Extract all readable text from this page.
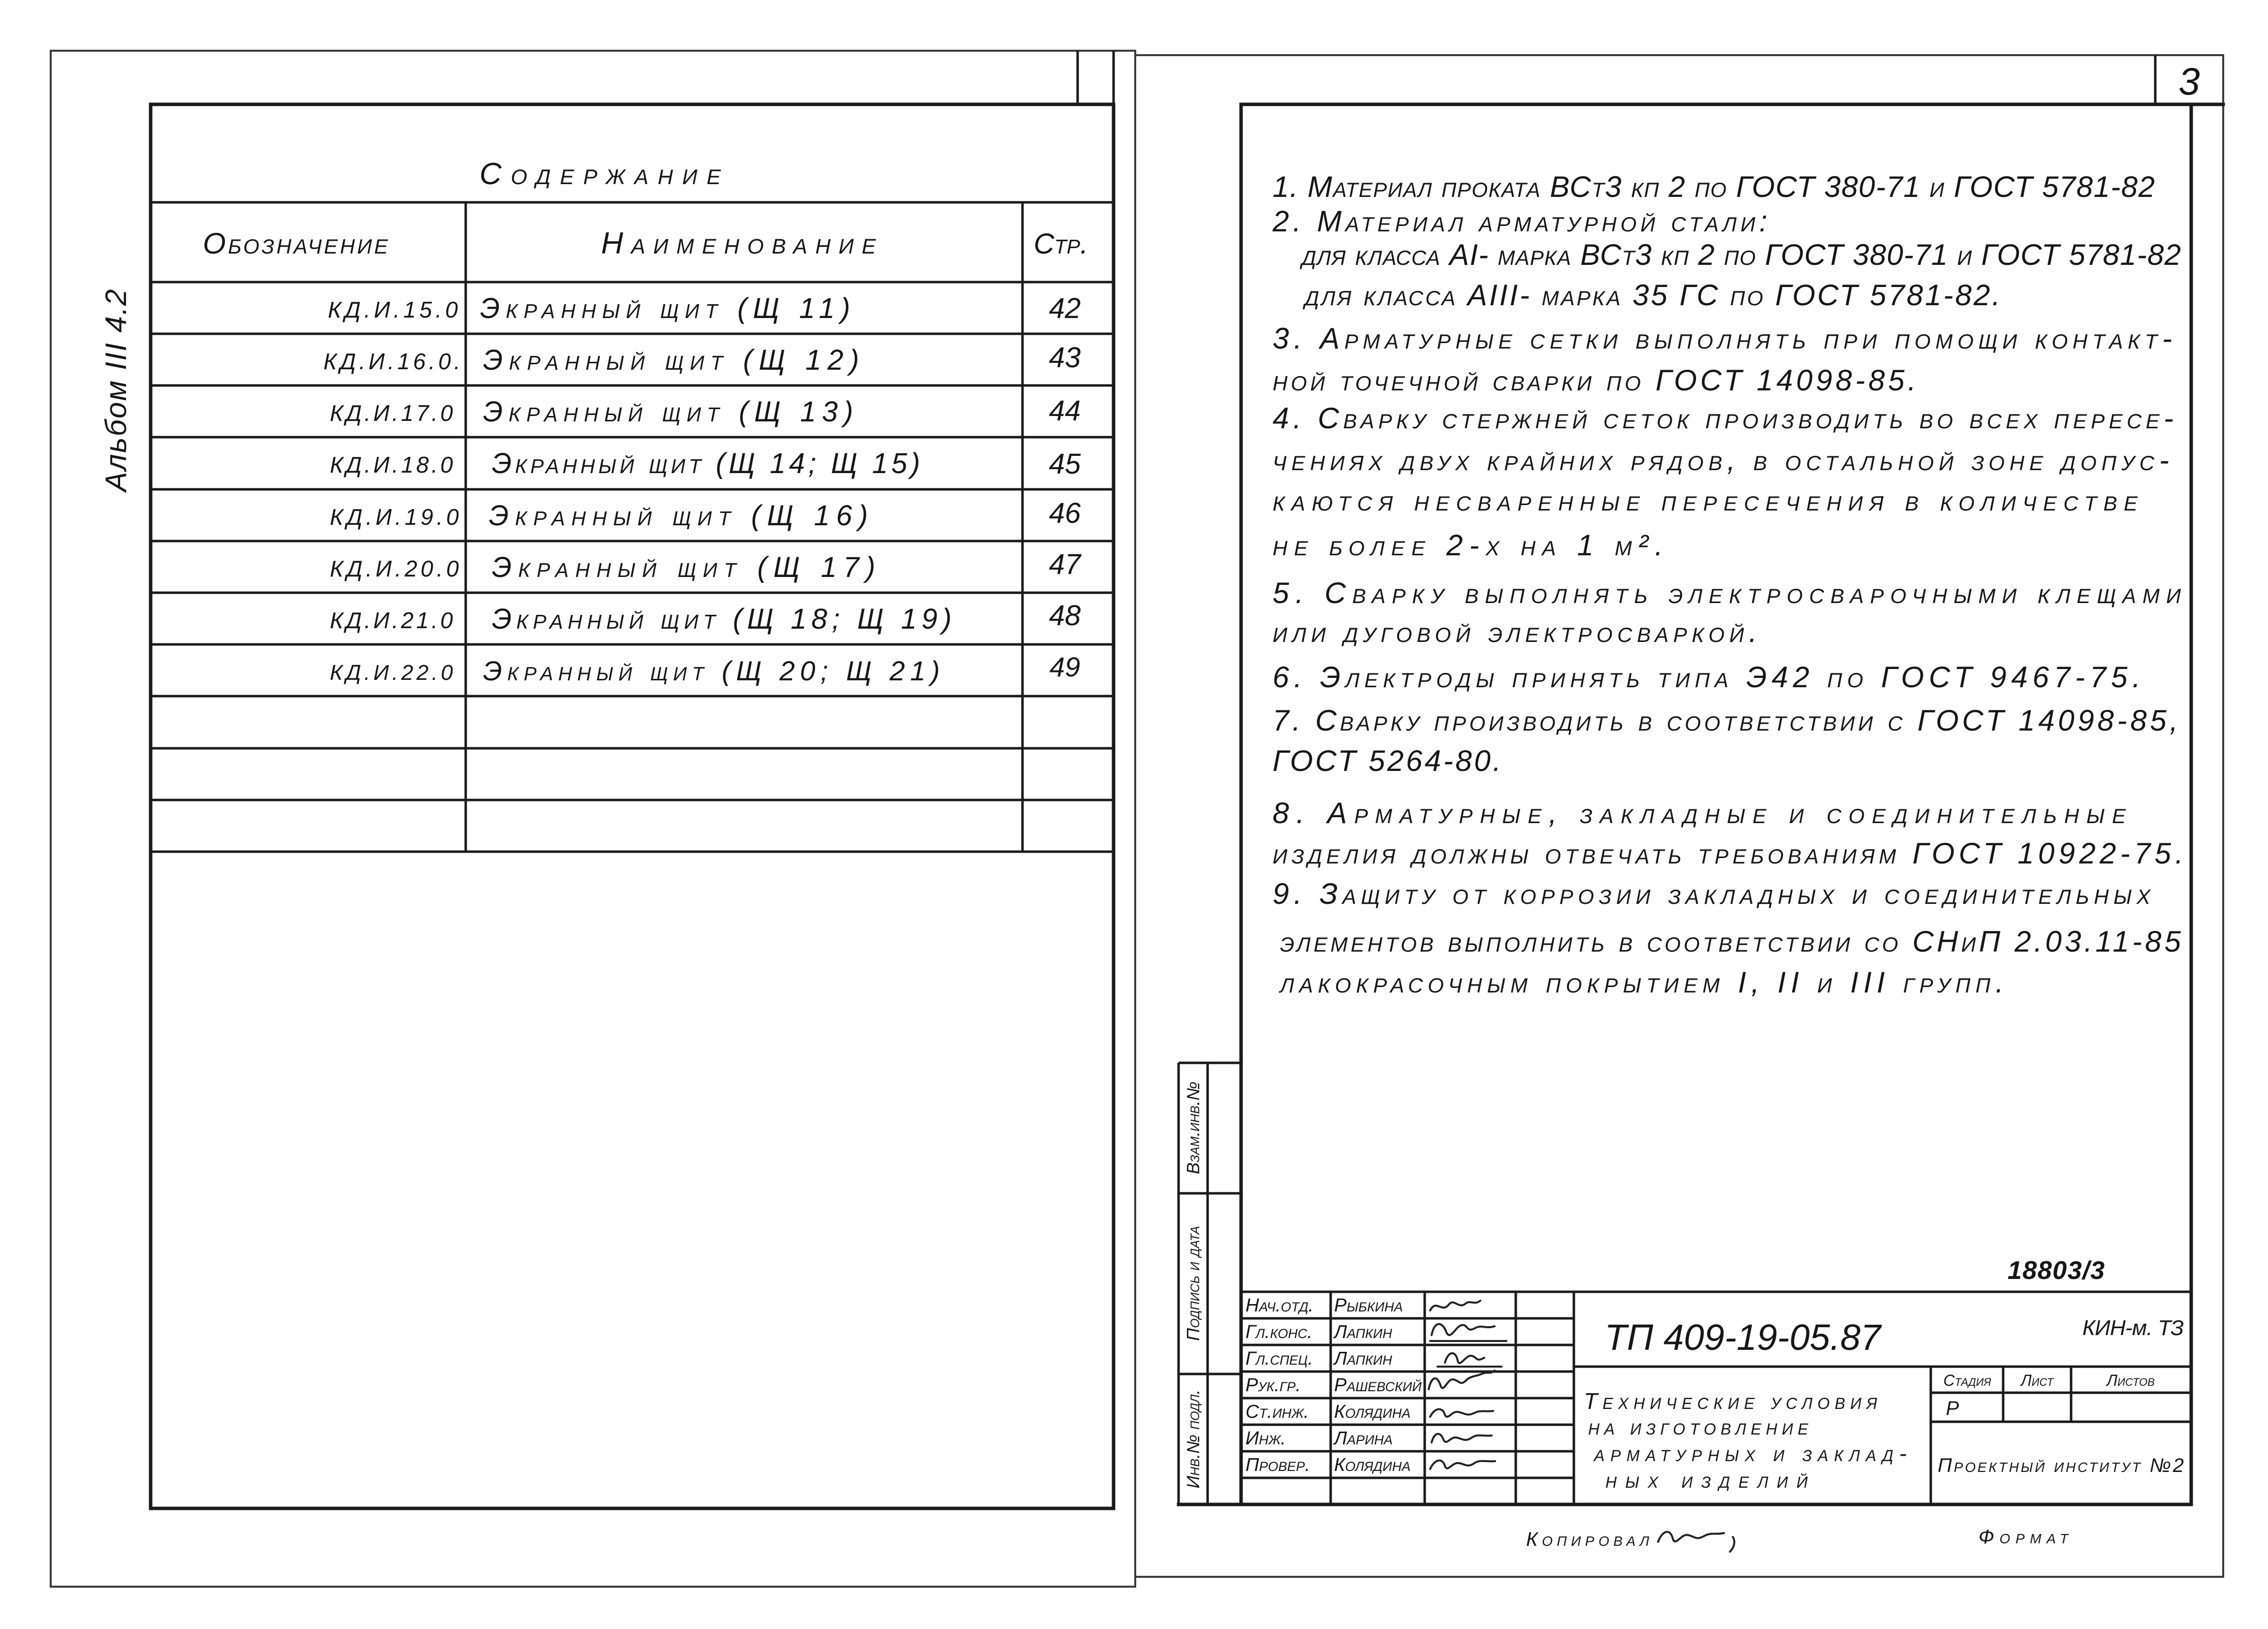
Альбом III 4.2
Содержание
Обозначение	Наименование	Стр.
КД.И.15.0 Экранный щит (Щ 11)	42
КД.И.16.0. Экранный щит (Щ 12)	43
КД.И.17.0 Экранный щит (Щ 13)	44
КД.И.18.0 Экранный щит (Щ 14; Щ 15)	45
КД.И.19.0 Экранный щит (Щ 16)	46
КД.И.20.0 Экранный щит (Щ 17)	47
КД.И.21.0 Экранный щит (Щ 18; Щ 19)	48
КД.И.22.0 Экранный щит (Щ 20; Щ 21)	49
3
1. Материал проката ВСт3 кп 2 по ГОСТ 380-71 и ГОСТ 5781-82
2. Материал арматурной стали:
для класса АI- марка ВСт3 кп 2 по ГОСТ 380-71 и ГОСТ 5781-82
для класса АIII- марка 35 ГС по ГОСТ 5781-82.
3. Арматурные сетки выполнять при помощи контакт-
ной точечной сварки по ГОСТ 14098-85.
4. Сварку стержней сеток производить во всех пересе-
чениях двух крайних рядов, в остальной зоне допус-
каются несваренные пересечения в количестве
не более 2-х на 1 м².
5. Сварку выполнять электросварочными клещами
или дуговой электросваркой.
6. Электроды принять типа Э42 по ГОСТ 9467-75.
7. Сварку производить в соответствии с ГОСТ 14098-85,
ГОСТ 5264-80.
8. Арматурные, закладные и соединительные
изделия должны отвечать требованиям ГОСТ 10922-75.
9. Защиту от коррозии закладных и соединительных
элементов выполнить в соответствии со СНиП 2.03.11-85
лакокрасочным покрытием I, II и III групп.
18803/3
Взам.инв.№
Подпись и дата
Инв.№ подл.
Нач.отд. Рыбкина
Гл.конс. Лапкин
Гл.спец. Лапкин
Рук.гр. Рашевский
Ст.инж. Колядина
Инж.	Ларина
Провер. Колядина
ТП 409-19-05.87	КИН-м. ТЗ
Технические условия
на изготовление
арматурных и заклад-
ных изделий
Стадия Лист	Листов
Р
Проектный институт №2
Копировал	Формат
